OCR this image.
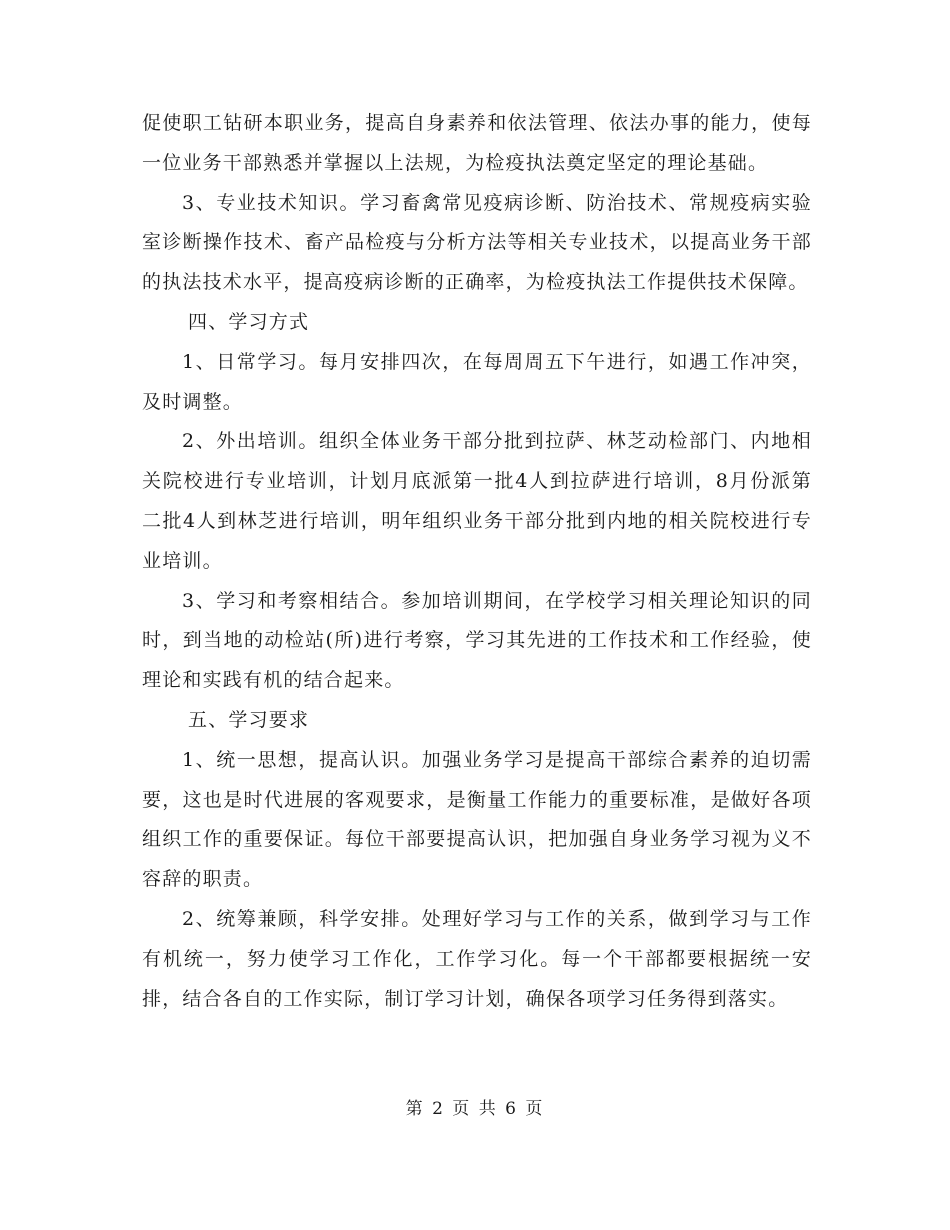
促使职工钻研本职业务，提高自身素养和依法管理、依法办事的能力，使每一位业务干部熟悉并掌握以上法规，为检疫执法奠定坚定的理论基础。

3、专业技术知识。学习畜禽常见疫病诊断、防治技术、常规疫病实验室诊断操作技术、畜产品检疫与分析方法等相关专业技术，以提高业务干部的执法技术水平，提高疫病诊断的正确率，为检疫执法工作提供技术保障。

四、学习方式

1、日常学习。每月安排四次，在每周周五下午进行，如遇工作冲突，及时调整。

2、外出培训。组织全体业务干部分批到拉萨、林芝动检部门、内地相关院校进行专业培训，计划月底派第一批4人到拉萨进行培训，8月份派第二批4人到林芝进行培训，明年组织业务干部分批到内地的相关院校进行专业培训。

3、学习和考察相结合。参加培训期间，在学校学习相关理论知识的同时，到当地的动检站(所)进行考察，学习其先进的工作技术和工作经验，使理论和实践有机的结合起来。

五、学习要求

1、统一思想，提高认识。加强业务学习是提高干部综合素养的迫切需要，这也是时代进展的客观要求，是衡量工作能力的重要标准，是做好各项组织工作的重要保证。每位干部要提高认识，把加强自身业务学习视为义不容辞的职责。

2、统筹兼顾，科学安排。处理好学习与工作的关系，做到学习与工作有机统一，努力使学习工作化，工作学习化。每一个干部都要根据统一安排，结合各自的工作实际，制订学习计划，确保各项学习任务得到落实。

第 2 页 共 6 页
